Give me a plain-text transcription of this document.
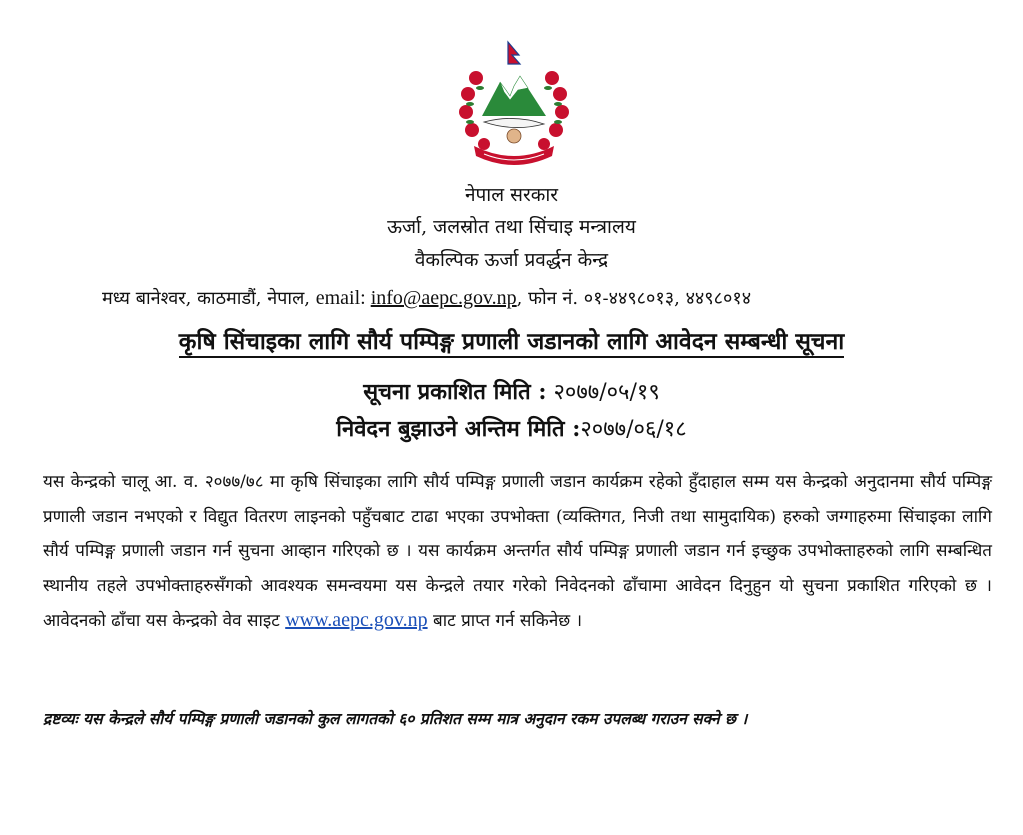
नेपाल सरकार
ऊर्जा, जलस्रोत तथा सिंचाइ मन्त्रालय
वैकल्पिक ऊर्जा प्रवर्द्धन केन्द्र
मध्य बानेश्वर, काठमाडौं, नेपाल, email: info@aepc.gov.np, फोन नं. ०१-४४९८०१३, ४४९८०१४
कृषि सिंचाइका लागि सौर्य पम्पिङ्ग प्रणाली जडानको लागि आवेदन सम्बन्धी सूचना
सूचना प्रकाशित मिति : २०७७/०५/१९
निवेदन बुझाउने अन्तिम मिति :२०७७/०६/१८
यस केन्द्रको चालू आ. व. २०७७/७८ मा कृषि सिंचाइका लागि सौर्य पम्पिङ्ग प्रणाली जडान कार्यक्रम रहेको हुँदाहाल सम्म यस केन्द्रको अनुदानमा सौर्य पम्पिङ्ग प्रणाली जडान नभएको र विद्युत वितरण लाइनको पहुँचबाट टाढा भएका उपभोक्ता (व्यक्तिगत, निजी तथा सामुदायिक) हरुको जग्गाहरुमा सिंचाइका लागि सौर्य पम्पिङ्ग प्रणाली जडान गर्न सुचना आव्हान गरिएको छ । यस कार्यक्रम अन्तर्गत सौर्य पम्पिङ्ग प्रणाली जडान गर्न इच्छुक उपभोक्ताहरुको लागि सम्बन्धित स्थानीय तहले उपभोक्ताहरुसँगको आवश्यक समन्वयमा यस केन्द्रले तयार गरेको निवेदनको ढाँचामा आवेदन दिनुहुन यो सुचना प्रकाशित गरिएको छ । आवेदनको ढाँचा यस केन्द्रको वेव साइट www.aepc.gov.np बाट प्राप्त गर्न सकिनेछ ।
द्रष्टव्यः यस केन्द्रले सौर्य पम्पिङ्ग प्रणाली जडानको कुल लागतको ६० प्रतिशत सम्म मात्र अनुदान रकम उपलब्ध गराउन सक्ने छ ।
